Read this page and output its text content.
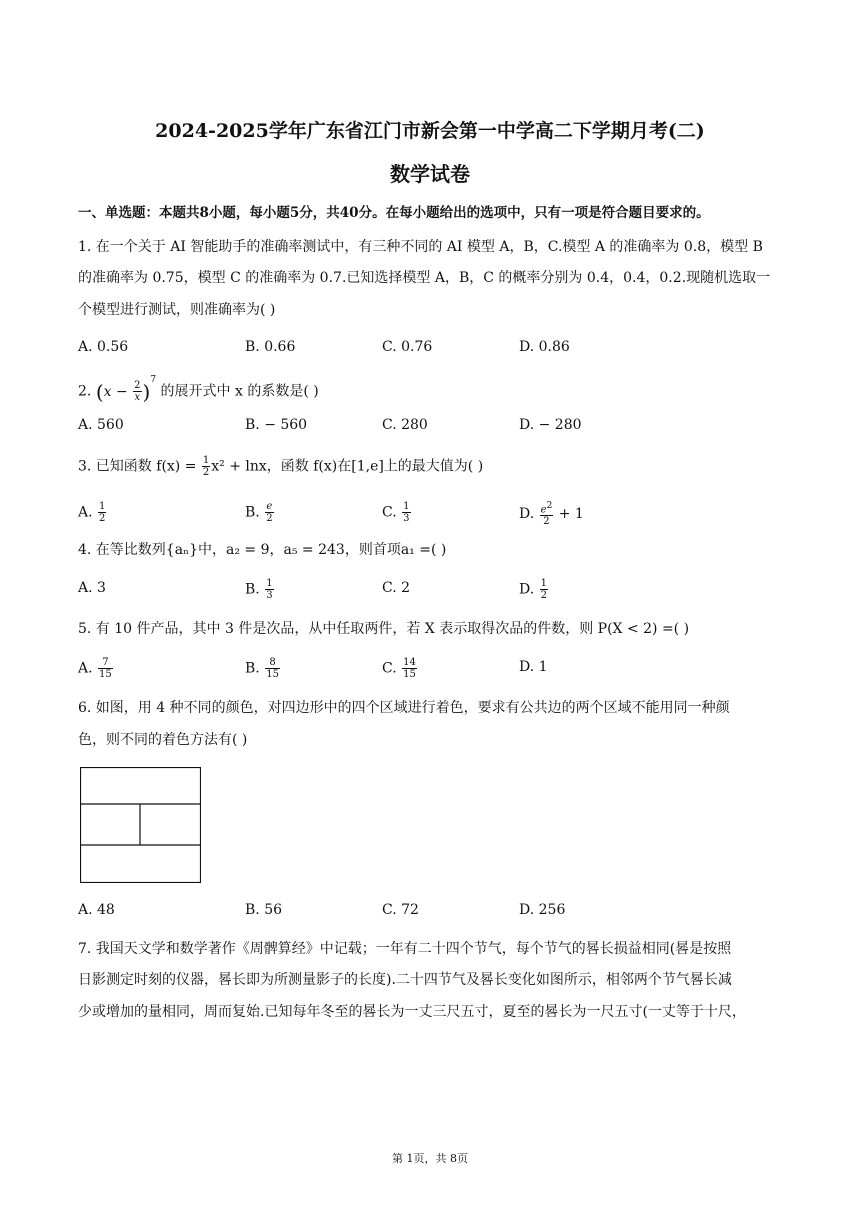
2024-2025学年广东省江门市新会第一中学高二下学期月考(二)
数学试卷
一、单选题：本题共8小题，每小题5分，共40分。在每小题给出的选项中，只有一项是符合题目要求的。
1. 在一个关于 AI 智能助手的准确率测试中，有三种不同的 AI 模型 A，B，C.模型 A 的准确率为 0.8，模型 B
的准确率为 0.75，模型 C 的准确率为 0.7.已知选择模型 A，B，C 的概率分别为 0.4，0.4，0.2.现随机选取一
个模型进行测试，则准确率为( )
A. 0.56	B. 0.66	C. 0.76	D. 0.86
2. $(x - \frac{2}{x} )^7$ 的展开式中 x 的系数是( )
A. 560	B. − 560	C. 280	D. − 280
3. 已知函数 $f(x) = \frac{1}{2} x^2 + \ln x$，函数 f(x)在[1,e]上的最大值为( )
A. $\frac{1}{2}$	B. $\frac{e}{2}$	C. $\frac{1}{3}$	D. $\frac{e^2}{2} + 1$
4. 在等比数列{aₙ}中，a₂ = 9，a₅ = 243，则首项a₁ =( )
A. 3	B. $\frac{1}{3}$	C. 2	D. $\frac{1}{2}$
5. 有 10 件产品，其中 3 件是次品，从中任取两件，若 X 表示取得次品的件数，则 P(X < 2) =( )
A. $\frac{7}{15}$	B. $\frac{8}{15}$	C. $\frac{14}{15}$	D. 1
6. 如图，用 4 种不同的颜色，对四边形中的四个区域进行着色，要求有公共边的两个区域不能用同一种颜
色，则不同的着色方法有( )
A. 48	B. 56	C. 72	D. 256
7. 我国天文学和数学著作《周髀算经》中记载；一年有二十四个节气，每个节气的晷长损益相同(晷是按照
日影测定时刻的仪器，晷长即为所测量影子的长度).二十四节气及晷长变化如图所示，相邻两个节气晷长减
少或增加的量相同，周而复始.已知每年冬至的晷长为一丈三尺五寸，夏至的晷长为一尺五寸(一丈等于十尺，
第 1页，共 8页
